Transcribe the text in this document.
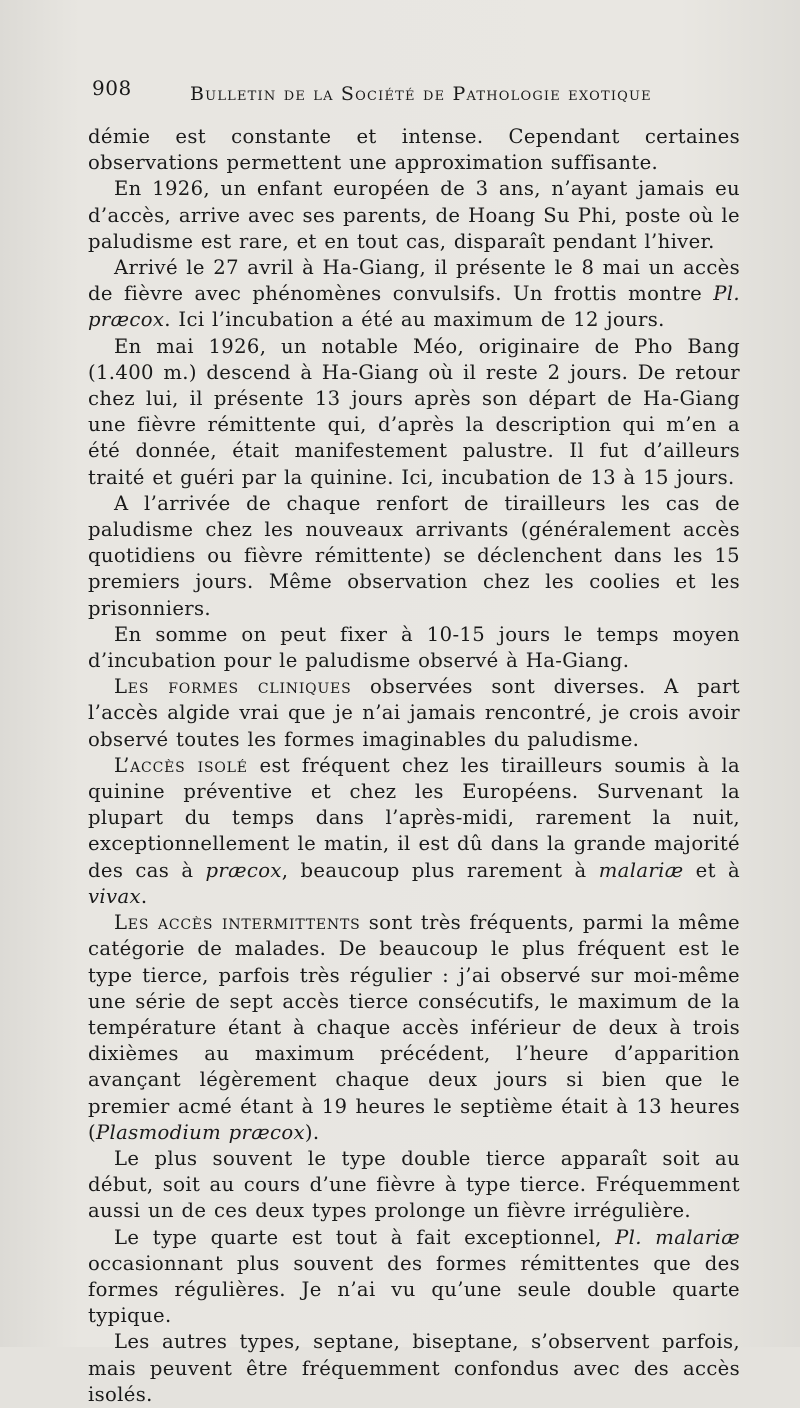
908	Bulletin de la Société de Pathologie exotique

démie est constante et intense. Cependant certaines observations permettent une approximation suffisante.

En 1926, un enfant européen de 3 ans, n’ayant jamais eu d’accès, arrive avec ses parents, de Hoang Su Phi, poste où le paludisme est rare, et en tout cas, disparaît pendant l’hiver.

Arrivé le 27 avril à Ha-Giang, il présente le 8 mai un accès de fièvre avec phénomènes convulsifs. Un frottis montre Pl. præcox. Ici l’incubation a été au maximum de 12 jours.

En mai 1926, un notable Méo, originaire de Pho Bang (1.400 m.) descend à Ha-Giang où il reste 2 jours. De retour chez lui, il présente 13 jours après son départ de Ha-Giang une fièvre rémittente qui, d’après la description qui m’en a été donnée, était manifestement palustre. Il fut d’ailleurs traité et guéri par la quinine. Ici, incubation de 13 à 15 jours.

A l’arrivée de chaque renfort de tirailleurs les cas de paludisme chez les nouveaux arrivants (généralement accès quotidiens ou fièvre rémittente) se déclenchent dans les 15 premiers jours. Même observation chez les coolies et les prisonniers.

En somme on peut fixer à 10-15 jours le temps moyen d’incubation pour le paludisme observé à Ha-Giang.

Les formes cliniques observées sont diverses. A part l’accès algide vrai que je n’ai jamais rencontré, je crois avoir observé toutes les formes imaginables du paludisme.

L’accès isolé est fréquent chez les tirailleurs soumis à la quinine préventive et chez les Européens. Survenant la plupart du temps dans l’après-midi, rarement la nuit, exceptionnellement le matin, il est dû dans la grande majorité des cas à præcox, beaucoup plus rarement à malariæ et à vivax.

Les accès intermittents sont très fréquents, parmi la même catégorie de malades. De beaucoup le plus fréquent est le type tierce, parfois très régulier : j’ai observé sur moi-même une série de sept accès tierce consécutifs, le maximum de la température étant à chaque accès inférieur de deux à trois dixièmes au maximum précédent, l’heure d’apparition avançant légèrement chaque deux jours si bien que le premier acmé étant à 19 heures le septième était à 13 heures (Plasmodium præcox).

Le plus souvent le type double tierce apparaît soit au début, soit au cours d’une fièvre à type tierce. Fréquemment aussi un de ces deux types prolonge un fièvre irrégulière.

Le type quarte est tout à fait exceptionnel, Pl. malariæ occasionnant plus souvent des formes rémittentes que des formes régulières. Je n’ai vu qu’une seule double quarte typique.

Les autres types, septane, biseptane, s’observent parfois, mais peuvent être fréquemment confondus avec des accès isolés.
